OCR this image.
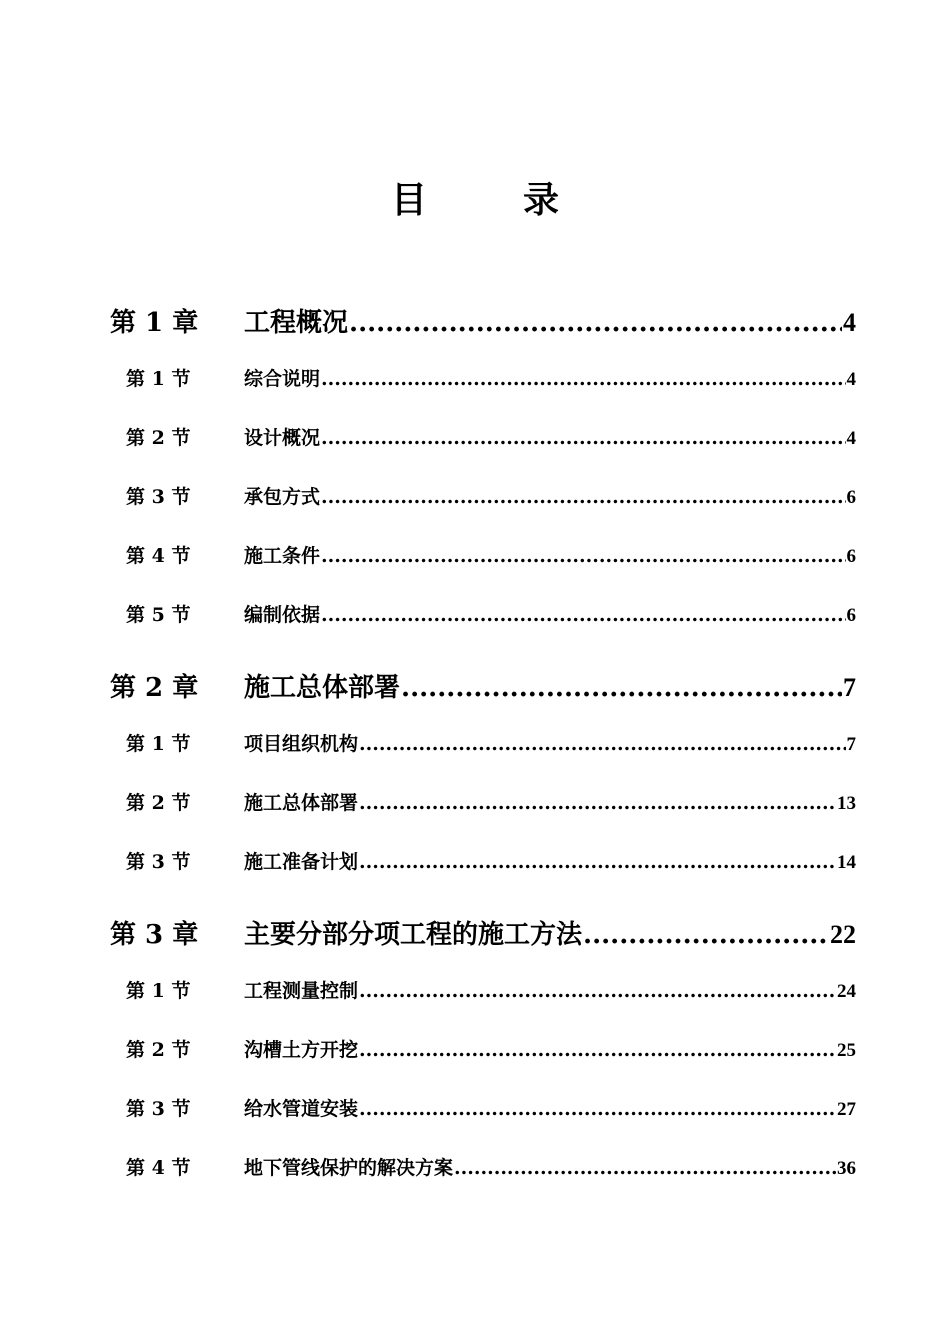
目	录
第 1 章	工程概况 .....	4
第 1 节	综合说明 .....	4
第 2 节	设计概况 .....	4
第 3 节	承包方式 .....	6
第 4 节	施工条件 .....	6
第 5 节	编制依据 .....	6
第 2 章	施工总体部署 .....	7
第 1 节	项目组织机构 .....	7
第 2 节	施工总体部署 .....	13
第 3 节	施工准备计划 .....	14
第 3 章	主要分部分项工程的施工方法 .....	22
第 1 节	工程测量控制 .....	24
第 2 节	沟槽土方开挖 .....	25
第 3 节	给水管道安装 .....	27
第 4 节	地下管线保护的解决方案 .....	36
